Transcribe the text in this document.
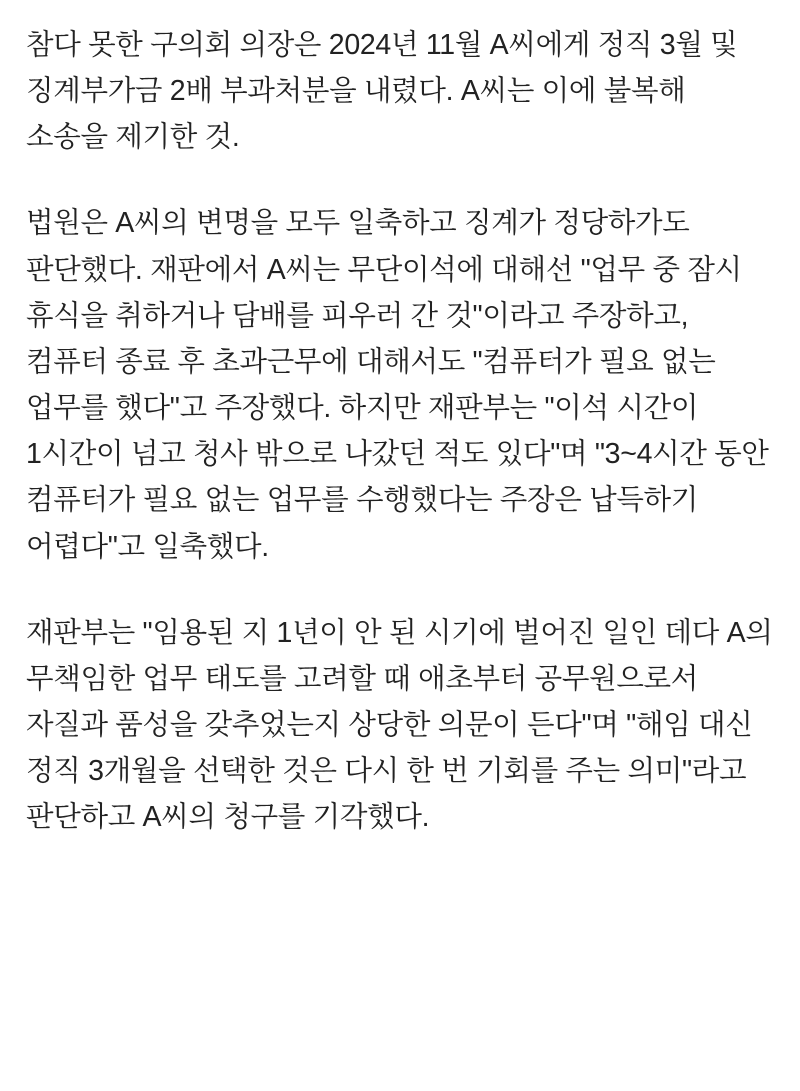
참다 못한 구의회 의장은 2024년 11월 A씨에게 정직 3월 및 징계부가금 2배 부과처분을 내렸다. A씨는 이에 불복해 소송을 제기한 것.

법원은 A씨의 변명을 모두 일축하고 징계가 정당하가도 판단했다. 재판에서 A씨는 무단이석에 대해선 "업무 중 잠시 휴식을 취하거나 담배를 피우러 간 것"이라고 주장하고, 컴퓨터 종료 후 초과근무에 대해서도 "컴퓨터가 필요 없는 업무를 했다"고 주장했다. 하지만 재판부는 "이석 시간이 1시간이 넘고 청사 밖으로 나갔던 적도 있다"며 "3~4시간 동안 컴퓨터가 필요 없는 업무를 수행했다는 주장은 납득하기 어렵다"고 일축했다.

재판부는 "임용된 지 1년이 안 된 시기에 벌어진 일인 데다 A의 무책임한 업무 태도를 고려할 때 애초부터 공무원으로서 자질과 품성을 갖추었는지 상당한 의문이 든다"며 "해임 대신 정직 3개월을 선택한 것은 다시 한 번 기회를 주는 의미"라고 판단하고 A씨의 청구를 기각했다.
